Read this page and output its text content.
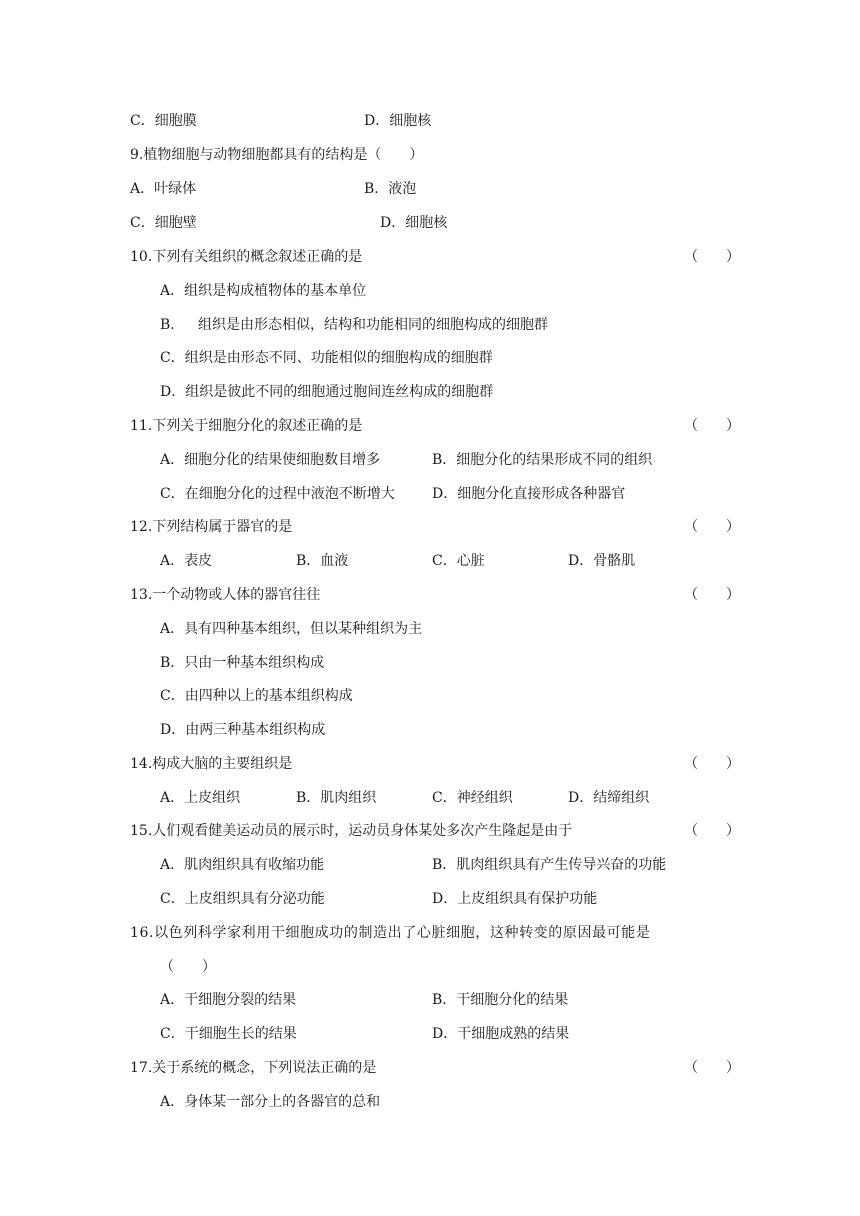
C．细胞膜	D．细胞核
9.植物细胞与动物细胞都具有的结构是（　　）
A．叶绿体	B．液泡
C．细胞壁	D．细胞核
10.下列有关组织的概念叙述正确的是	（　　）
A．组织是构成植物体的基本单位
B. 组织是由形态相似，结构和功能相同的细胞构成的细胞群
C．组织是由形态不同、功能相似的细胞构成的细胞群
D．组织是彼此不同的细胞通过胞间连丝构成的细胞群
11.下列关于细胞分化的叙述正确的是	（　　）
A．细胞分化的结果使细胞数目增多	B．细胞分化的结果形成不同的组织
C．在细胞分化的过程中液泡不断增大	D．细胞分化直接形成各种器官
12.下列结构属于器官的是	（　　）
A．表皮	B．血液	C．心脏	D．骨骼肌
13.一个动物或人体的器官往往	（　　）
A．具有四种基本组织，但以某种组织为主
B．只由一种基本组织构成
C．由四种以上的基本组织构成
D．由两三种基本组织构成
14.构成大脑的主要组织是	（　　）
A．上皮组织	B．肌肉组织	C．神经组织	D．结缔组织
15.人们观看健美运动员的展示时，运动员身体某处多次产生隆起是由于	（　　）
A．肌肉组织具有收缩功能	B．肌肉组织具有产生传导兴奋的功能
C．上皮组织具有分泌功能	D．上皮组织具有保护功能
16.以色列科学家利用干细胞成功的制造出了心脏细胞，这种转变的原因最可能是
（　　）
A．干细胞分裂的结果	B．干细胞分化的结果
C．干细胞生长的结果	D．干细胞成熟的结果
17.关于系统的概念，下列说法正确的是	（　　）
A．身体某一部分上的各器官的总和
